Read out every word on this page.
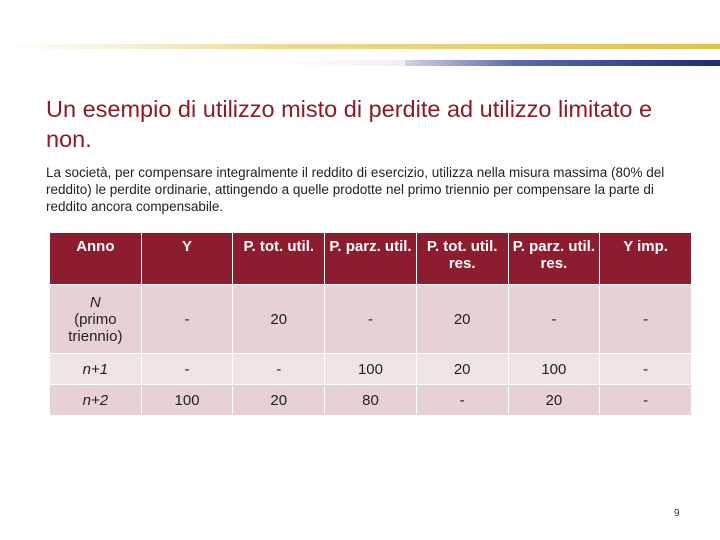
Un esempio di utilizzo misto di perdite ad utilizzo limitato e non.
La società, per compensare integralmente il reddito di esercizio, utilizza nella misura massima (80% del reddito) le perdite ordinarie, attingendo a quelle prodotte nel primo triennio per compensare la parte di reddito ancora compensabile.
Anno	Y	P. tot. util.	P. parz. util.	P. tot. util. res.	P. parz. util. res.	Y imp.
N
(primo triennio)	-	20	-	20	-	-
n+1	-	-	100	20	100	-
n+2	100	20	80	-	20	-
9
